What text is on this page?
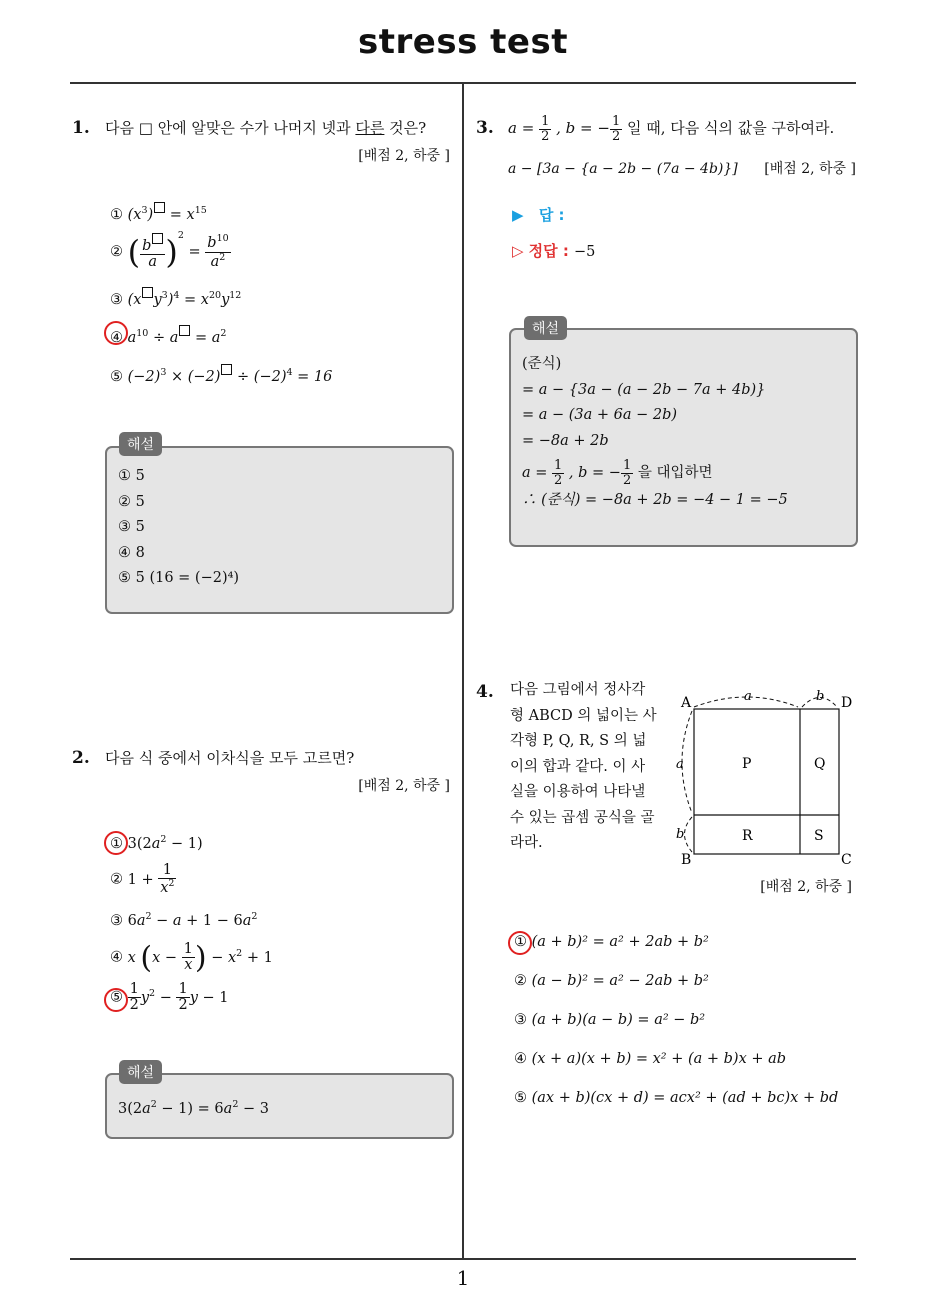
stress test
1
1. 다음 □ 안에 알맞은 수가 나머지 넷과 다른 것은?
[배점 2, 하중 ]
① $(x^3) = x^{15}$
② ( $\frac{b}{a} )^2 = \frac{b^{10}}{a^2}$
③ (x $y^3)^4 = x^{20}y^{12}$
④ $a^{10} \div a = a^2$
⑤ $(-2)^3 \times (-2) \div (-2)^4 = 16$
해설
① 5
② 5
③ 5
④ 8
⑤ 5 (16 = (−2)⁴)
2. 다음 식 중에서 이차식을 모두 고르면?
[배점 2, 하중 ]
① $3(2a^2 - 1)$
② $1 + \frac{1}{x^2}$
③ $6a^2 - a + 1 - 6a^2$
④ x ($x - \frac{1}{x}$ ) − $x^2 + 1$
⑤ $\frac{1}{2} y^2 - \frac{1}{2}$ y − 1
해설
$3(2a^2 - 1) = 6a^2 - 3$
3. $a = \frac{1}{2}$ , b = − $\frac{1}{2}$ 일 때, 다음 식의 값을 구하여라.
a − [3a − {a − 2b − (7a − 4b)}]	[배점 2, 하중 ]
▶ 답 :
▷ 정답 : −5
해설
(준식)
= a − {3a − (a − 2b − 7a + 4b)}
= a − (3a + 6a − 2b)
= −8a + 2b
$a = \frac{1}{2}$ , b = − $\frac{1}{2}$ 을 대입하면
∴ (준식) = −8a + 2b = −4 − 1 = −5
4. 다음 그림에서 정사각
형 ABCD 의 넓이는 사
각형 P, Q, R, S 의 넓
이의 합과 같다. 이 사
실을 이용하여 나타낼
수 있는 곱셈 공식을 골
라라.
A	D
B	C
P	Q
R	S
a	b
a
b
[배점 2, 하중 ]
① (a + b)² = a² + 2ab + b²
② (a − b)² = a² − 2ab + b²
③ (a + b)(a − b) = a² − b²
④ (x + a)(x + b) = x² + (a + b)x + ab
⑤ (ax + b)(cx + d) = acx² + (ad + bc)x + bd
